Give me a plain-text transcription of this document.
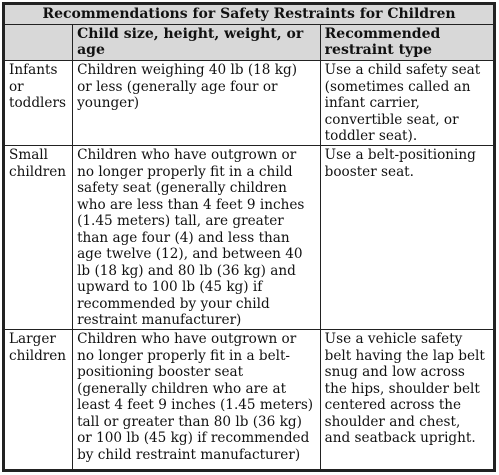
Recommendations for Safety Restraints for Children		
	Child size, height, weight, or age	Recommended restraint type
Infants or toddlers	Children weighing 40 lb (18 kg) or less (generally age four or younger)	Use a child safety seat (sometimes called an infant carrier, convertible seat, or toddler seat).
Small children	Children who have outgrown or no longer properly fit in a child safety seat (generally children who are less than 4 feet 9 inches (1.45 meters) tall, are greater than age four (4) and less than age twelve (12), and between 40 lb (18 kg) and 80 lb (36 kg) and upward to 100 lb (45 kg) if recommended by your child restraint manufacturer)	Use a belt-positioning booster seat.
Larger children	Children who have outgrown or no longer properly fit in a belt-positioning booster seat (generally children who are at least 4 feet 9 inches (1.45 meters) tall or greater than 80 lb (36 kg) or 100 lb (45 kg) if recommended by child restraint manufacturer)	Use a vehicle safety belt having the lap belt snug and low across the hips, shoulder belt centered across the shoulder and chest, and seatback upright.
